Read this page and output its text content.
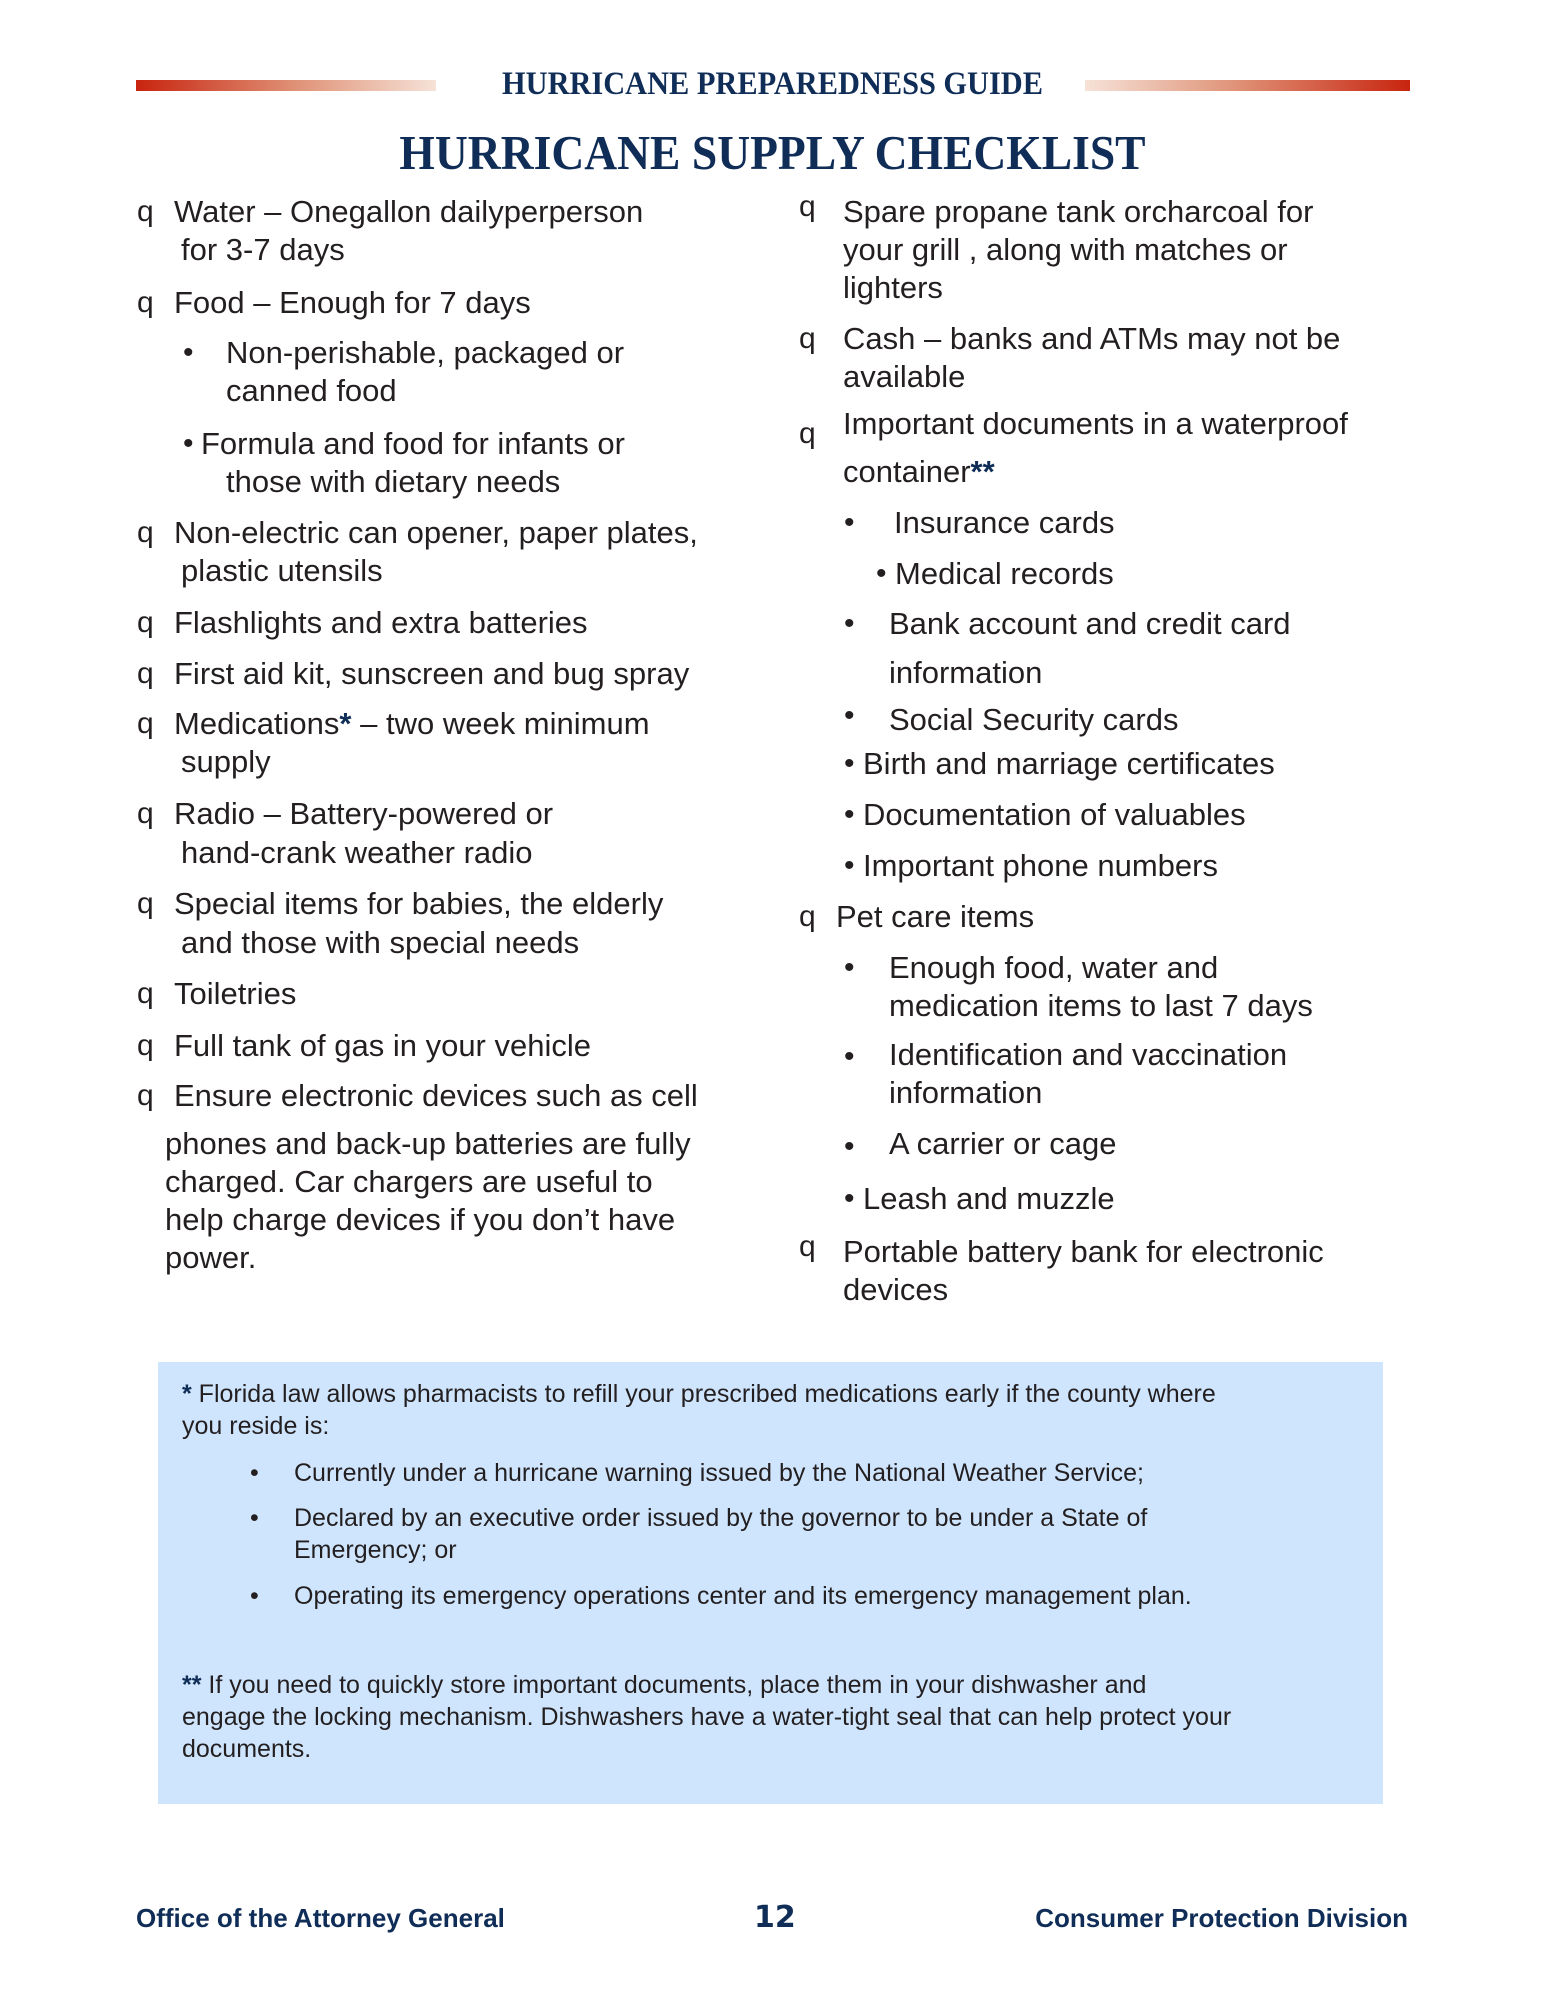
HURRICANE PREPAREDNESS GUIDE
HURRICANE SUPPLY CHECKLIST
q Water – Onegallon dailyperperson
for 3-7 days
q Food – Enough for 7 days
• Non-perishable, packaged or
canned food
• Formula and food for infants or
those with dietary needs
q Non-electric can opener, paper plates,
plastic utensils
q Flashlights and extra batteries
q First aid kit, sunscreen and bug spray
q Medications* – two week minimum
supply
q Radio – Battery-powered or
hand-crank weather radio
q Special items for babies, the elderly
and those with special needs
q Toiletries
q Full tank of gas in your vehicle
q Ensure electronic devices such as cell
phones and back-up batteries are fully
charged. Car chargers are useful to
help charge devices if you don’t have
power.
q Spare propane tank orcharcoal for
your grill , along with matches or
lighters
q Cash – banks and ATMs may not be
available
q Important documents in a waterproof
container**
• Insurance cards
• Medical records
• Bank account and credit card
information
• Social Security cards
• Birth and marriage certificates
• Documentation of valuables
• Important phone numbers
q Pet care items
• Enough food, water and
medication items to last 7 days
• Identification and vaccination
information
• A carrier or cage
• Leash and muzzle
q Portable battery bank for electronic
devices
* Florida law allows pharmacists to refill your prescribed medications early if the county where
you reside is:
• Currently under a hurricane warning issued by the National Weather Service;
• Declared by an executive order issued by the governor to be under a State of
Emergency; or
• Operating its emergency operations center and its emergency management plan.
** If you need to quickly store important documents, place them in your dishwasher and
engage the locking mechanism. Dishwashers have a water-tight seal that can help protect your
documents.
Office of the Attorney General	12	Consumer Protection Division
